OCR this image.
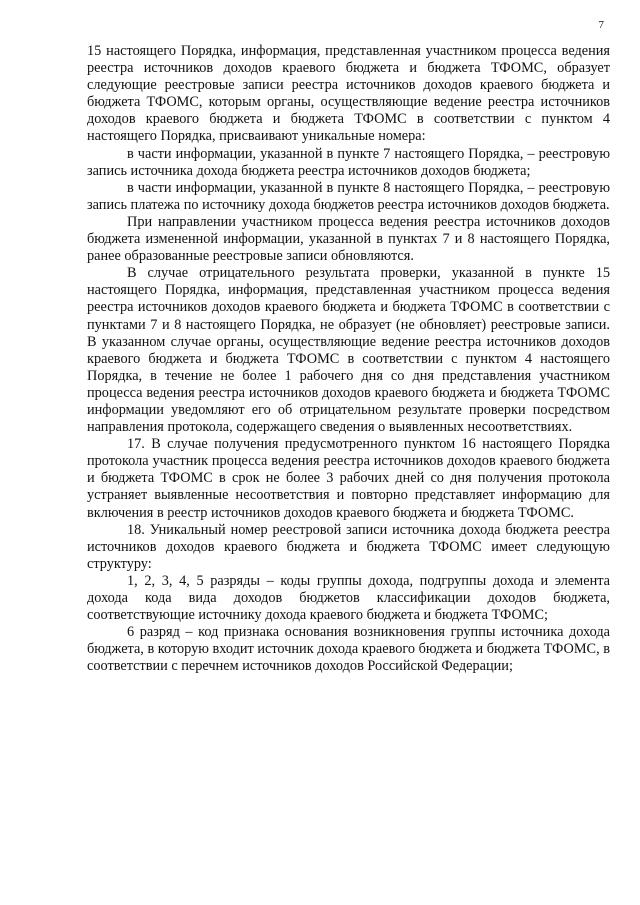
7

15 настоящего Порядка, информация, представленная участником процесса ведения реестра источников доходов краевого бюджета и бюджета ТФОМС, образует следующие реестровые записи реестра источников доходов краевого бюджета и бюджета ТФОМС, которым органы, осуществляющие ведение реестра источников доходов краевого бюджета и бюджета ТФОМС в соответствии с пунктом 4 настоящего Порядка, присваивают уникальные номера:

в части информации, указанной в пункте 7 настоящего Порядка, – реестровую запись источника дохода бюджета реестра источников доходов бюджета;

в части информации, указанной в пункте 8 настоящего Порядка, – реестровую запись платежа по источнику дохода бюджетов реестра источников доходов бюджета.

При направлении участником процесса ведения реестра источников доходов бюджета измененной информации, указанной в пунктах 7 и 8 настоящего Порядка, ранее образованные реестровые записи обновляются.

В случае отрицательного результата проверки, указанной в пункте 15 настоящего Порядка, информация, представленная участником процесса ведения реестра источников доходов краевого бюджета и бюджета ТФОМС в соответствии с пунктами 7 и 8 настоящего Порядка, не образует (не обновляет) реестровые записи. В указанном случае органы, осуществляющие ведение реестра источников доходов краевого бюджета и бюджета ТФОМС в соответствии с пунктом 4 настоящего Порядка, в течение не более 1 рабочего дня со дня представления участником процесса ведения реестра источников доходов краевого бюджета и бюджета ТФОМС информации уведомляют его об отрицательном результате проверки посредством направления протокола, содержащего сведения о выявленных несоответствиях.

17. В случае получения предусмотренного пунктом 16 настоящего Порядка протокола участник процесса ведения реестра источников доходов краевого бюджета и бюджета ТФОМС в срок не более 3 рабочих дней со дня получения протокола устраняет выявленные несоответствия и повторно представляет информацию для включения в реестр источников доходов краевого бюджета и бюджета ТФОМС.

18. Уникальный номер реестровой записи источника дохода бюджета реестра источников доходов краевого бюджета и бюджета ТФОМС имеет следующую структуру:

1, 2, 3, 4, 5 разряды – коды группы дохода, подгруппы дохода и элемента дохода кода вида доходов бюджетов классификации доходов бюджета, соответствующие источнику дохода краевого бюджета и бюджета ТФОМС;

6 разряд – код признака основания возникновения группы источника дохода бюджета, в которую входит источник дохода краевого бюджета и бюджета ТФОМС, в соответствии с перечнем источников доходов Российской Федерации;
